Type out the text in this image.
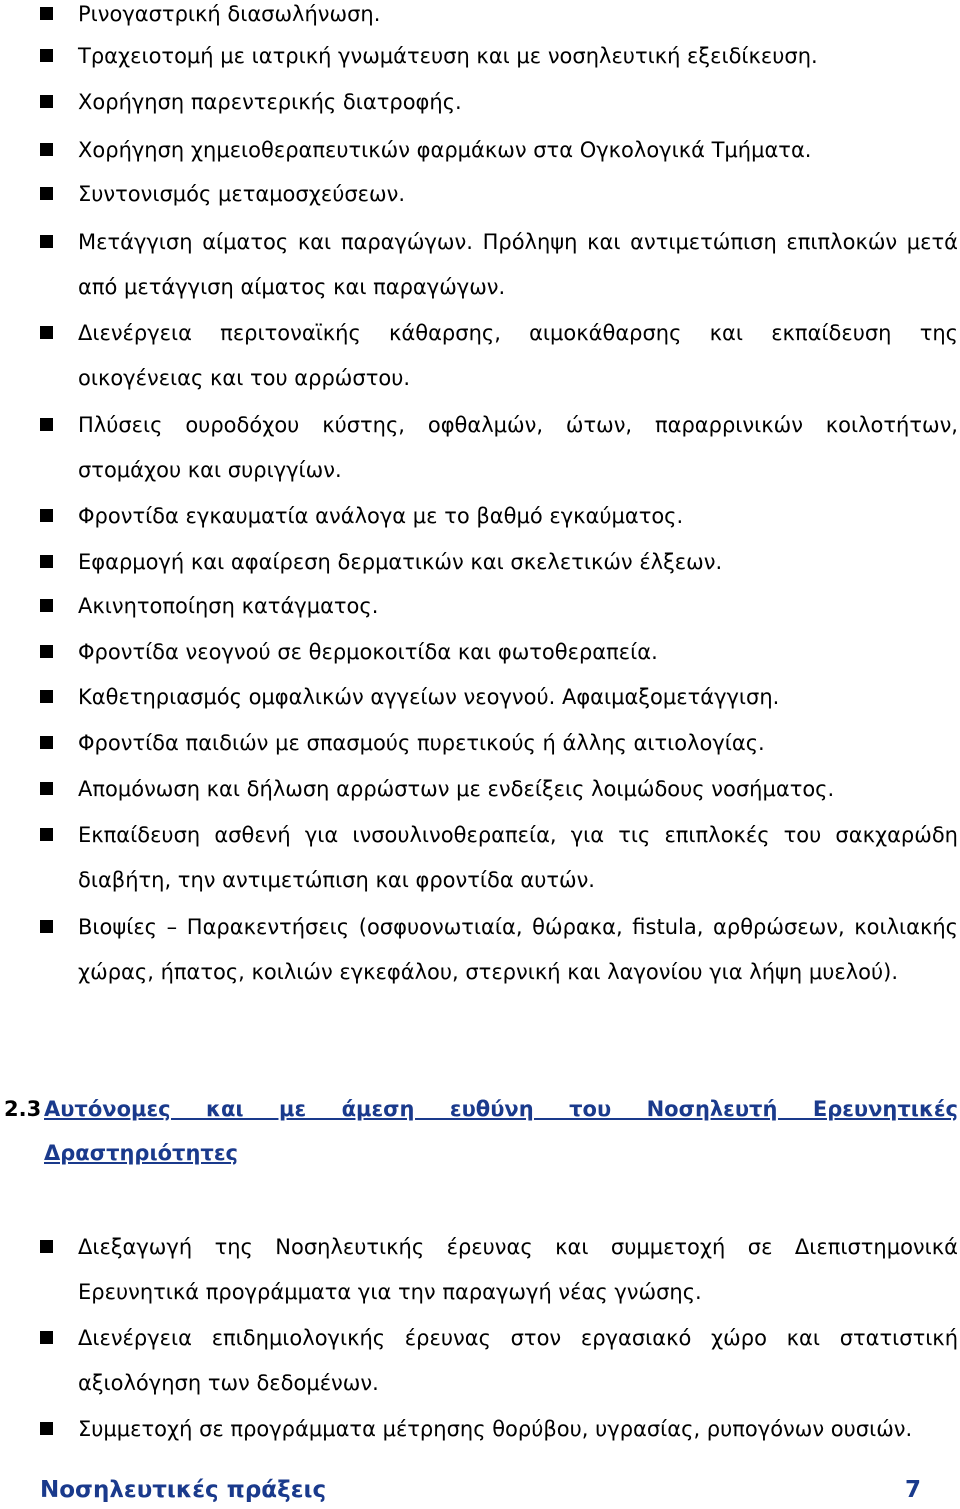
Ρινογαστρική διασωλήνωση.
Τραχειοτομή με ιατρική γνωμάτευση και με νοσηλευτική εξειδίκευση.
Χορήγηση παρεντερικής διατροφής.
Χορήγηση χημειοθεραπευτικών φαρμάκων στα Ογκολογικά Τμήματα.
Συντονισμός μεταμοσχεύσεων.
Μετάγγιση αίματος και παραγώγων. Πρόληψη και αντιμετώπιση επιπλοκών μετά από μετάγγιση αίματος και παραγώγων.
Διενέργεια περιτοναϊκής κάθαρσης, αιμοκάθαρσης και εκπαίδευση της οικογένειας και του αρρώστου.
Πλύσεις ουροδόχου κύστης, οφθαλμών, ώτων, παραρρινικών κοιλοτήτων, στομάχου και συριγγίων.
Φροντίδα εγκαυματία ανάλογα με το βαθμό εγκαύματος.
Εφαρμογή και αφαίρεση δερματικών και σκελετικών έλξεων.
Ακινητοποίηση κατάγματος.
Φροντίδα νεογνού σε θερμοκοιτίδα και φωτοθεραπεία.
Καθετηριασμός ομφαλικών αγγείων νεογνού. Αφαιμαξομετάγγιση.
Φροντίδα παιδιών με σπασμούς πυρετικούς ή άλλης αιτιολογίας.
Απομόνωση και δήλωση αρρώστων με ενδείξεις λοιμώδους νοσήματος.
Εκπαίδευση ασθενή για ινσουλινοθεραπεία, για τις επιπλοκές του σακχαρώδη διαβήτη, την αντιμετώπιση και φροντίδα αυτών.
Βιοψίες – Παρακεντήσεις (οσφυονωτιαία, θώρακα, fistula, αρθρώσεων, κοιλιακής χώρας, ήπατος, κοιλιών εγκεφάλου, στερνική και λαγονίου για λήψη μυελού).
2.3 Αυτόνομες και με άμεση ευθύνη του Νοσηλευτή Ερευνητικές Δραστηριότητες
Διεξαγωγή της Νοσηλευτικής έρευνας και συμμετοχή σε Διεπιστημονικά Ερευνητικά προγράμματα για την παραγωγή νέας γνώσης.
Διενέργεια επιδημιολογικής έρευνας στον εργασιακό χώρο και στατιστική αξιολόγηση των δεδομένων.
Συμμετοχή σε προγράμματα μέτρησης θορύβου, υγρασίας, ρυπογόνων ουσιών.
Νοσηλευτικές πράξεις	7
